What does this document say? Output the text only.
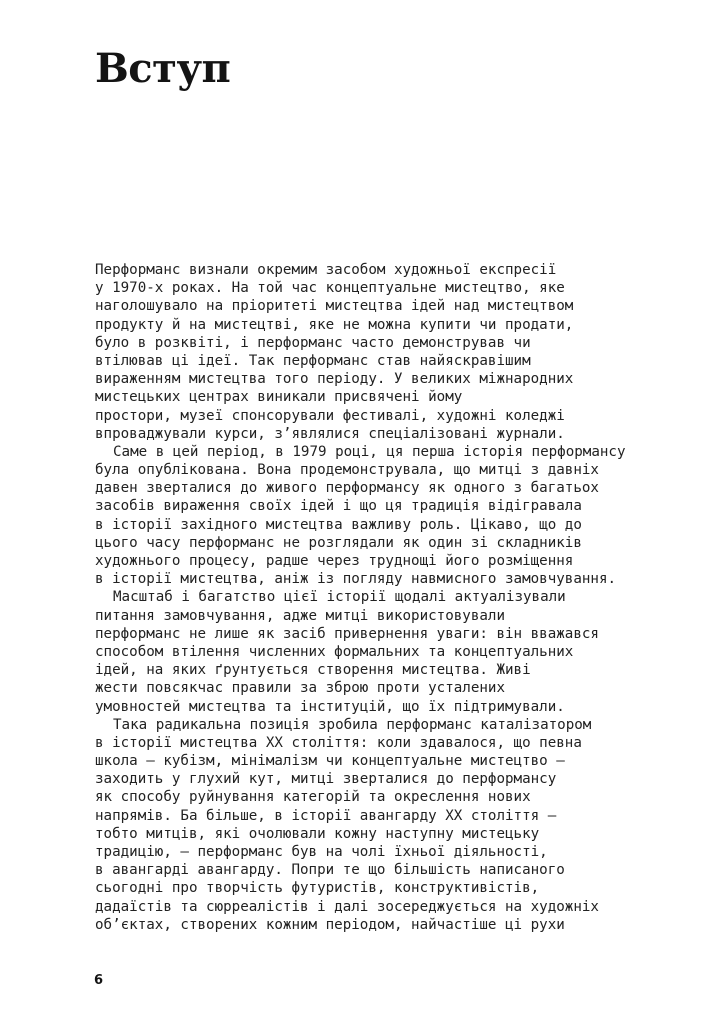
Вступ
Перформанс визнали окремим засобом художньої експресії
у 1970-х роках. На той час концептуальне мистецтво, яке
наголошувало на пріоритеті мистецтва ідей над мистецтвом
продукту й на мистецтві, яке не можна купити чи продати,
було в розквіті, і перформанс часто демонстрував чи
втілював ці ідеї. Так перформанс став найяскравішим
вираженням мистецтва того періоду. У великих міжнародних
мистецьких центрах виникали присвячені йому
простори, музеї спонсорували фестивалі, художні коледжі
впроваджували курси, з’являлися спеціалізовані журнали.
Саме в цей період, в 1979 році, ця перша історія перформансу
була опублікована. Вона продемонструвала, що митці з давніх
давен зверталися до живого перформансу як одного з багатьох
засобів вираження своїх ідей і що ця традиція відігравала
в історії західного мистецтва важливу роль. Цікаво, що до
цього часу перформанс не розглядали як один зі складників
художнього процесу, радше через труднощі його розміщення
в історії мистецтва, аніж із погляду навмисного замовчування.
Масштаб і багатство цієї історії щодалі актуалізували
питання замовчування, адже митці використовували
перформанс не лише як засіб привернення уваги: він вважався
способом втілення численних формальних та концептуальних
ідей, на яких ґрунтується створення мистецтва. Живі
жести повсякчас правили за зброю проти усталених
умовностей мистецтва та інституцій, що їх підтримували.
Така радикальна позиція зробила перформанс каталізатором
в історії мистецтва XX століття: коли здавалося, що певна
школа — кубізм, мінімалізм чи концептуальне мистецтво —
заходить у глухий кут, митці зверталися до перформансу
як способу руйнування категорій та окреслення нових
напрямів. Ба більше, в історії авангарду XX століття —
тобто митців, які очолювали кожну наступну мистецьку
традицію, — перформанс був на чолі їхньої діяльності,
в авангарді авангарду. Попри те що більшість написаного
сьогодні про творчість футуристів, конструктивістів,
дадаїстів та сюрреалістів і далі зосереджується на художніх
об’єктах, створених кожним періодом, найчастіше ці рухи
6
